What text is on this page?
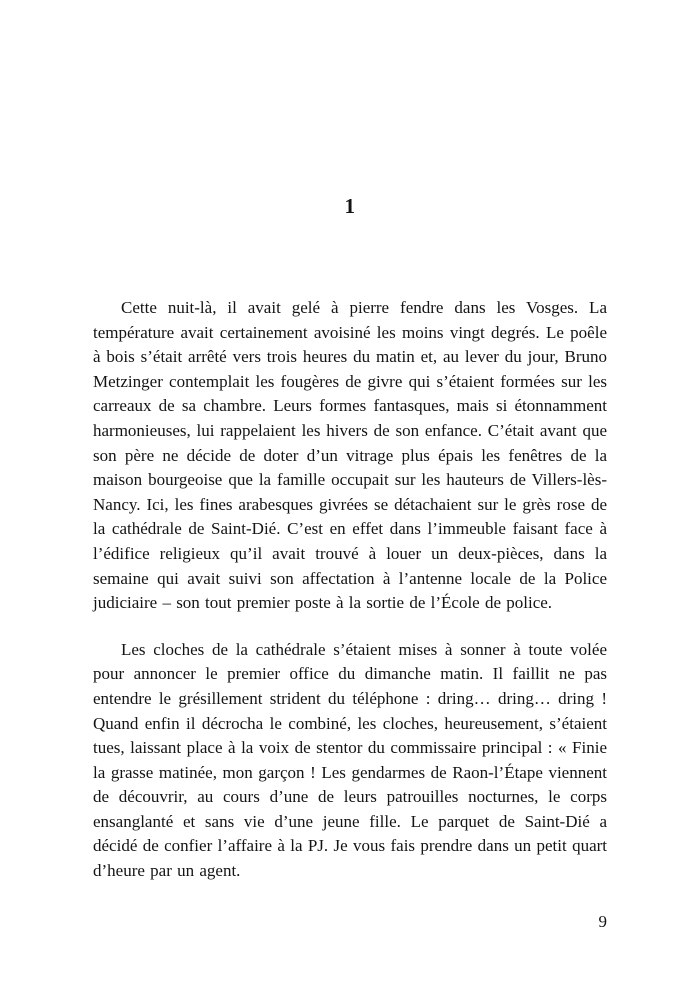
1

Cette nuit-là, il avait gelé à pierre fendre dans les Vosges. La température avait certainement avoisiné les moins vingt degrés. Le poêle à bois s’était arrêté vers trois heures du matin et, au lever du jour, Bruno Metzinger contemplait les fougères de givre qui s’étaient formées sur les carreaux de sa chambre. Leurs formes fantasques, mais si étonnamment harmonieuses, lui rappelaient les hivers de son enfance. C’était avant que son père ne décide de doter d’un vitrage plus épais les fenêtres de la maison bourgeoise que la famille occupait sur les hauteurs de Villers-lès-Nancy. Ici, les fines arabesques givrées se détachaient sur le grès rose de la cathédrale de Saint-Dié. C’est en effet dans l’immeuble faisant face à l’édifice religieux qu’il avait trouvé à louer un deux-pièces, dans la semaine qui avait suivi son affectation à l’antenne locale de la Police judiciaire – son tout premier poste à la sortie de l’École de police.

Les cloches de la cathédrale s’étaient mises à sonner à toute volée pour annoncer le premier office du dimanche matin. Il faillit ne pas entendre le grésillement strident du téléphone : dring… dring… dring ! Quand enfin il décrocha le combiné, les cloches, heureusement, s’étaient tues, laissant place à la voix de stentor du commissaire principal : « Finie la grasse matinée, mon garçon ! Les gendarmes de Raon-l’Étape viennent de découvrir, au cours d’une de leurs patrouilles nocturnes, le corps ensanglanté et sans vie d’une jeune fille. Le parquet de Saint-Dié a décidé de confier l’affaire à la PJ. Je vous fais prendre dans un petit quart d’heure par un agent.

9
